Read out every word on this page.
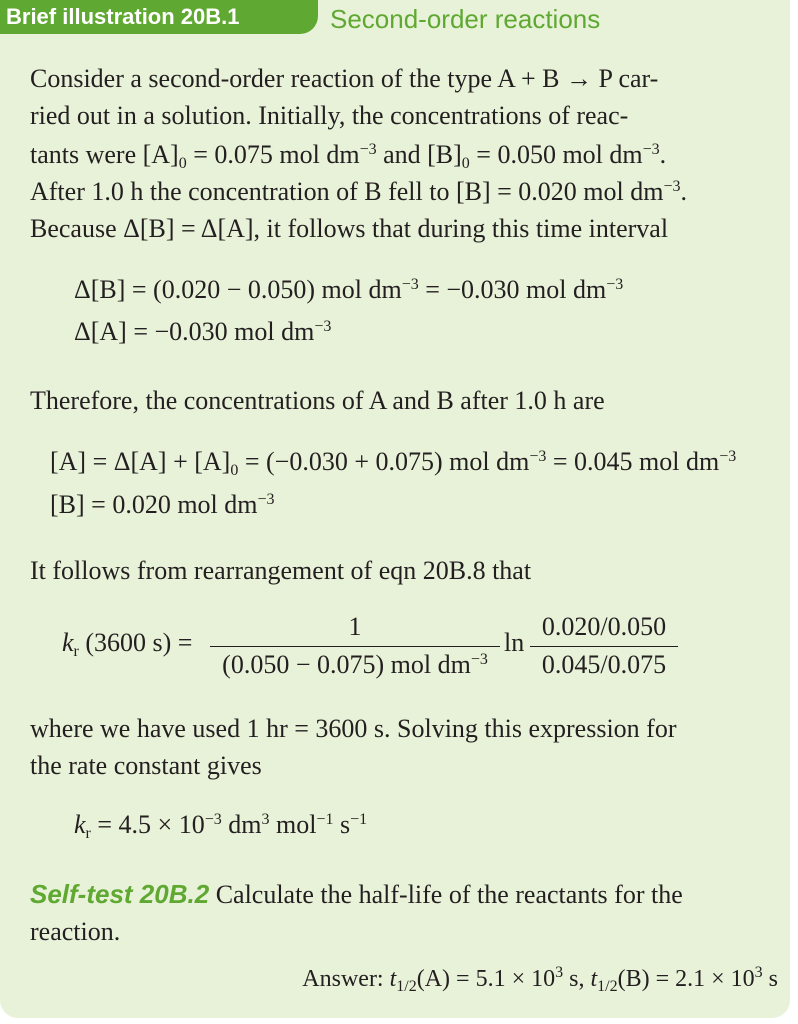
Brief illustration 20B.1	Second-order reactions
Consider a second-order reaction of the type A + B → P car-
ried out in a solution. Initially, the concentrations of reac-
tants were $[A]_0 = 0.075$ mol $dm^{-3}$ and $[B]_0 = 0.050$ mol $dm^{-3}$.
After 1.0 h the concentration of B fell to [B] = 0.020 mol $dm^{-3}$.
Because Δ[B] = Δ[A], it follows that during this time interval
Δ[B] = (0.020 − 0.050) mol $dm^{-3} = -0.030$ mol $dm^{-3}$
Δ[A] = −0.030 mol $dm^{-3}$
Therefore, the concentrations of A and B after 1.0 h are
$[A] = \Delta[A] + [A]_0 = (-0.030 + 0.075)$ mol $dm^{-3} = 0.045$ mol $dm^{-3}$
[B] = 0.020 mol $dm^{-3}$
It follows from rearrangement of eqn 20B.8 that
$k_r$ (3600 s) =
1
(0.050 − 0.075) mol $dm^{-3}$
ln
0.020/0.050
0.045/0.075
where we have used 1 hr = 3600 s. Solving this expression for
the rate constant gives
$k_r = 4.5 \times 10^{-3}$ $dm^3$ mol$^{-1}$ $s^{-1}$
Self-test 20B.2 Calculate the half-life of the reactants for the
reaction.
Answer: $t_{1/2}(A) = 5.1 \times 10^3$ s, $t_{1/2}(B) = 2.1 \times 10^3$ s
